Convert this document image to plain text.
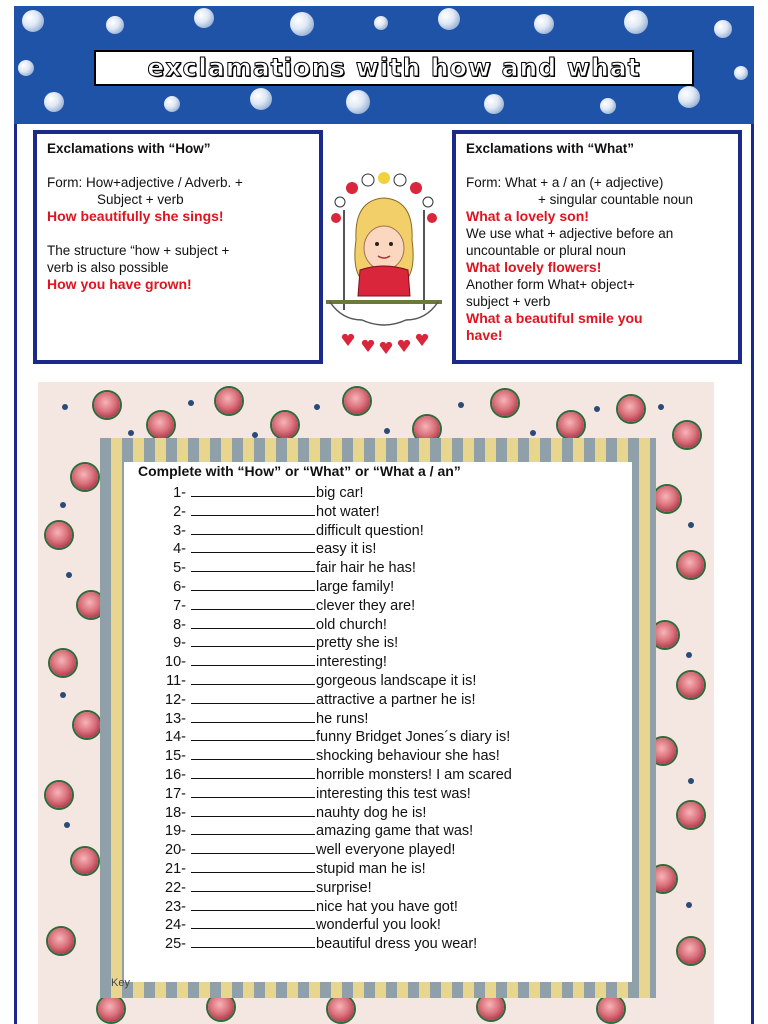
exclamations with how and what

Exclamations with “How”

Form: How+adjective / Adverb. +

Subject + verb

How beautifully she sings!

The structure “how + subject +

verb is also possible

How you have grown!

Exclamations with “What”

Form: What + a / an (+ adjective)

+ singular countable noun

What a lovely son!

We use what + adjective before an

uncountable or plural noun

What lovely flowers!

Another form What+ object+

subject + verb

What a beautiful smile you

have!

Complete with “How” or “What” or “What a / an”
1-	big car!
2-	hot water!
3-	difficult question!
4-	easy it is!
5-	fair hair he has!
6-	large family!
7-	clever they are!
8-	old church!
9-	pretty she is!
10-	interesting!
11-	gorgeous landscape it is!
12-	attractive a partner he is!
13-	he runs!
14-	funny Bridget Jones´s diary is!
15-	shocking behaviour she has!
16-	horrible monsters! I am scared
17-	interesting this test was!
18-	nauhty dog he is!
19-	amazing game that was!
20-	well everyone played!
21-	stupid man he is!
22-	surprise!
23-	nice hat you have got!
24-	wonderful you look!
25-	beautiful dress you wear!
Key
